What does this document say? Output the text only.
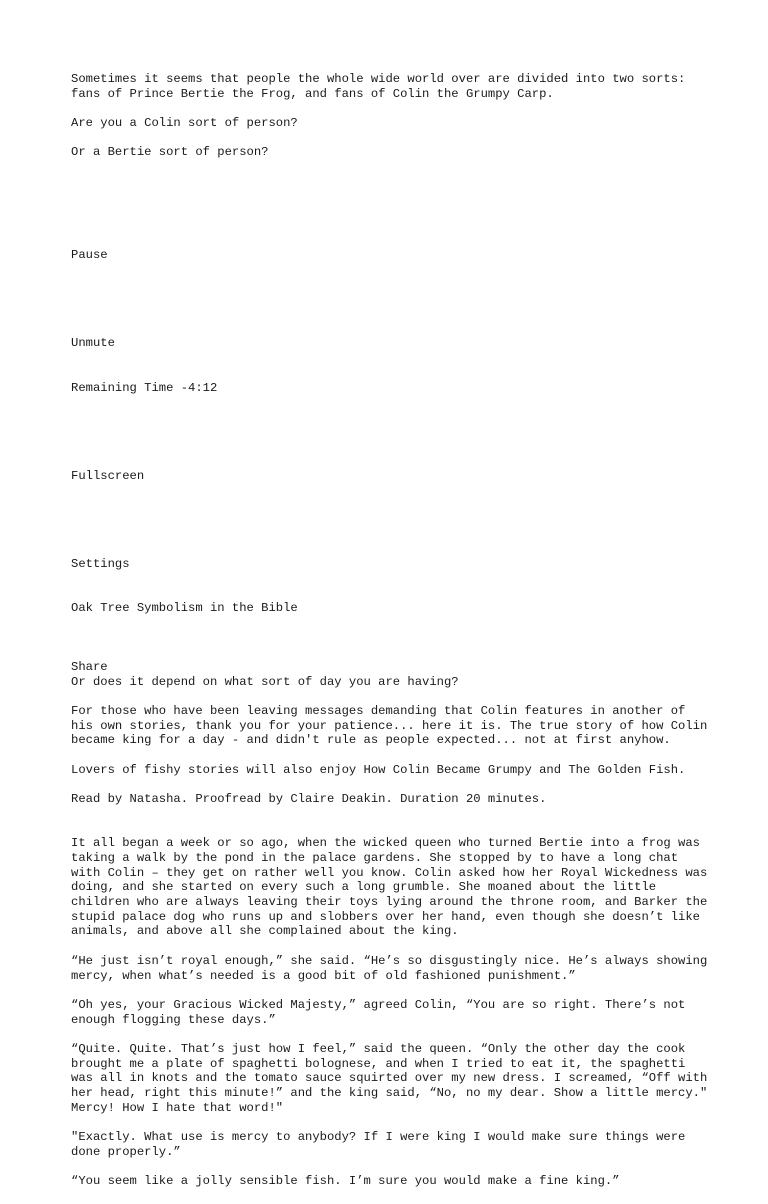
Sometimes it seems that people the whole wide world over are divided into two sorts: fans of Prince Bertie the Frog, and fans of Colin the Grumpy Carp.

Are you a Colin sort of person?

Or a Bertie sort of person?

Pause

Unmute

Remaining Time -4:12

Fullscreen

Settings

Oak Tree Symbolism in the Bible

Share

Or does it depend on what sort of day you are having?

For those who have been leaving messages demanding that Colin features in another of his own stories, thank you for your patience... here it is. The true story of how Colin became king for a day - and didn't rule as people expected... not at first anyhow.

Lovers of fishy stories will also enjoy How Colin Became Grumpy and The Golden Fish.

Read by Natasha. Proofread by Claire Deakin. Duration 20 minutes.

It all began a week or so ago, when the wicked queen who turned Bertie into a frog was taking a walk by the pond in the palace gardens. She stopped by to have a long chat with Colin – they get on rather well you know. Colin asked how her Royal Wickedness was doing, and she started on every such a long grumble. She moaned about the little children who are always leaving their toys lying around the throne room, and Barker the stupid palace dog who runs up and slobbers over her hand, even though she doesn’t like animals, and above all she complained about the king.

“He just isn’t royal enough,” she said. “He’s so disgustingly nice. He’s always showing mercy, when what’s needed is a good bit of old fashioned punishment.”

“Oh yes, your Gracious Wicked Majesty,” agreed Colin, “You are so right. There’s not enough flogging these days.”

“Quite. Quite. That’s just how I feel,” said the queen. “Only the other day the cook brought me a plate of spaghetti bolognese, and when I tried to eat it, the spaghetti was all in knots and the tomato sauce squirted over my new dress. I screamed, “Off with her head, right this minute!” and the king said, “No, no my dear. Show a little mercy." Mercy! How I hate that word!"

"Exactly. What use is mercy to anybody? If I were king I would make sure things were done properly.”

“You seem like a jolly sensible fish. I’m sure you would make a fine king.”
